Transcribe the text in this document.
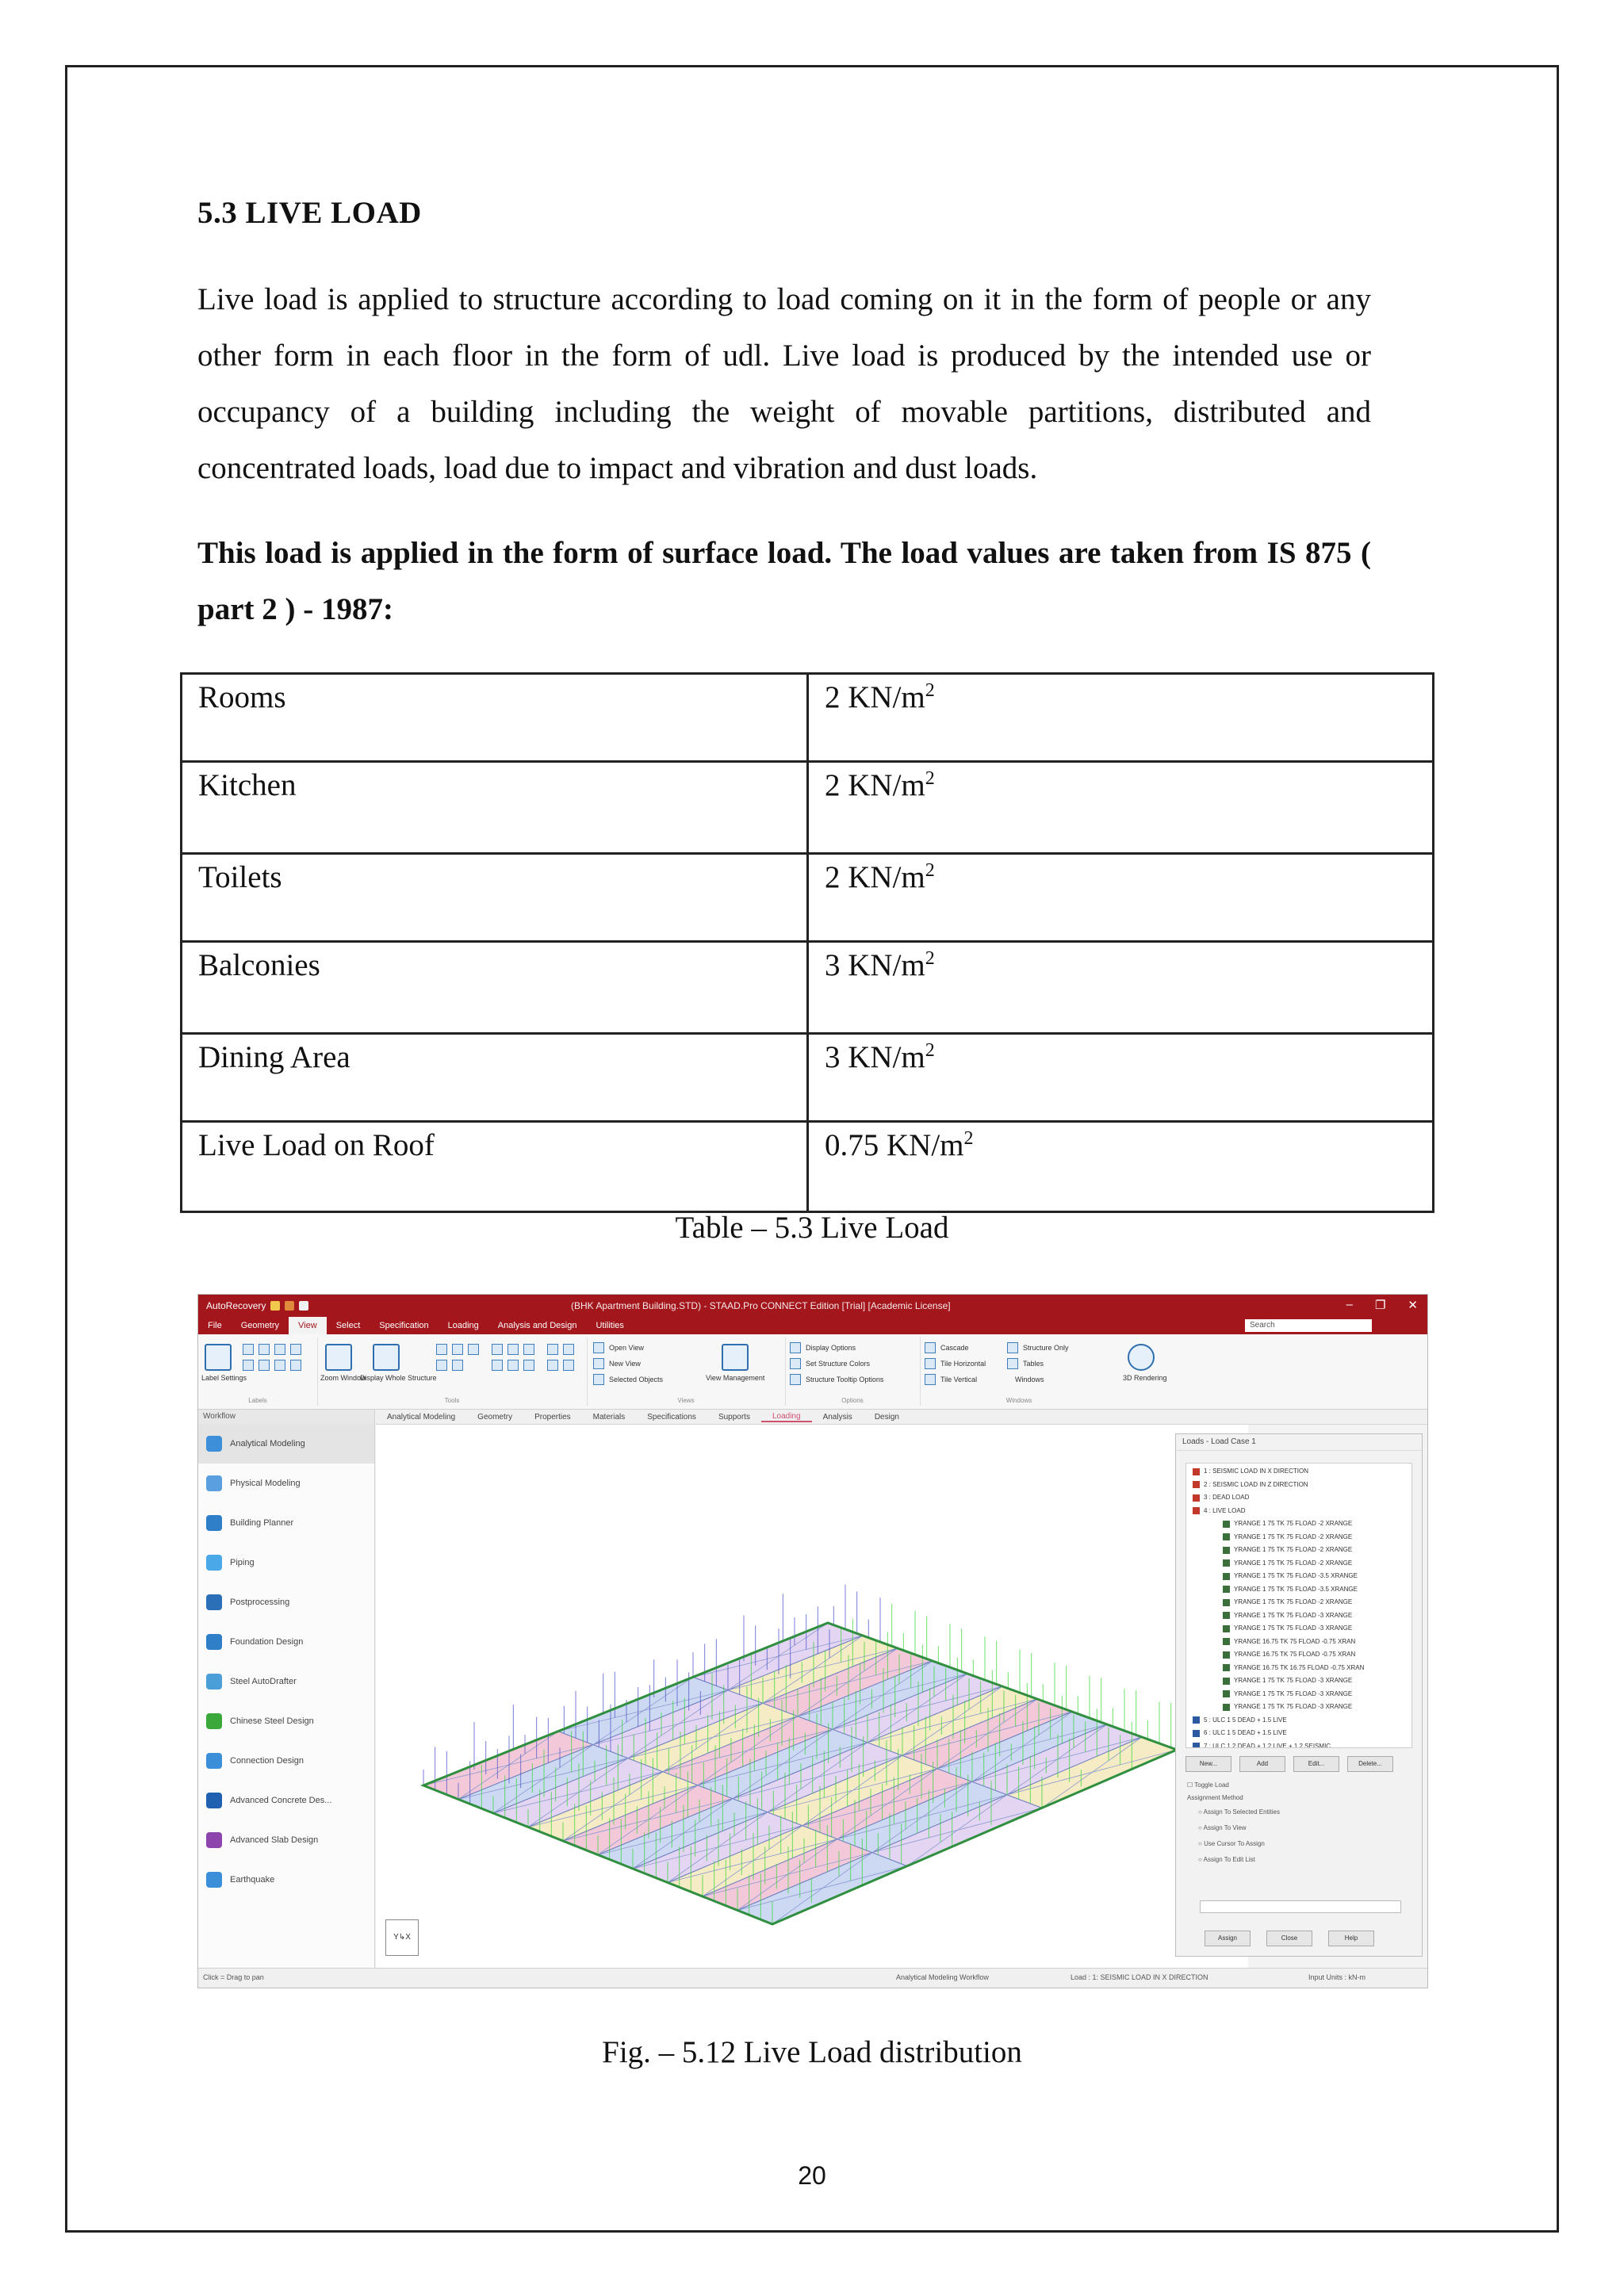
5.3 LIVE LOAD

Live load is applied to structure according to load coming on it in the form of people or any other form in each floor in the form of udl. Live load is produced by the intended use or occupancy of a building including the weight of movable partitions, distributed and concentrated loads, load due to impact and vibration and dust loads.

This load is applied in the form of surface load. The load values are taken from IS 875 ( part 2 ) - 1987:

Rooms	2 $KN/m^2$
Kitchen	2 $KN/m^2$
Toilets	2 $KN/m^2$
Balconies	3 $KN/m^2$
Dining Area	3 $KN/m^2$
Live Load on Roof	0.75 $KN/m^2$
Table – 5.3 Live Load
AutoRecovery	(BHK Apartment Building.STD) - STAAD.Pro CONNECT Edition [Trial] [Academic License]	– ❐ ✕
File	Geometry	View	Select	Specification	Loading	Analysis and Design	Utilities	Search
Label Settings
Labels
Zoom Window
Display Whole Structure
Tools
Open View
New View
Selected Objects	View Management
Views
Display Options
Set Structure Colors
Structure Tooltip Options
Options
Cascade
Tile Horizontal
Tile Vertical
Structure Only
Tables
Windows
Windows
3D Rendering
Workflow
Analytical Modeling
Physical Modeling
Building Planner
Piping
Postprocessing
Foundation Design
Steel AutoDrafter
Chinese Steel Design
Connection Design
Advanced Concrete Des...
Advanced Slab Design
Earthquake
Analytical Modeling	Geometry	Properties	Materials	Specifications	Supports	Loading	Analysis	Design
Y↳X
Loads - Load Case 1
1 : SEISMIC LOAD IN X DIRECTION
2 : SEISMIC LOAD IN Z DIRECTION
3 : DEAD LOAD
4 : LIVE LOAD
YRANGE 1 75 TK 75 FLOAD -2 XRANGE
YRANGE 1 75 TK 75 FLOAD -2 XRANGE
YRANGE 1 75 TK 75 FLOAD -2 XRANGE
YRANGE 1 75 TK 75 FLOAD -2 XRANGE
YRANGE 1 75 TK 75 FLOAD -3.5 XRANGE
YRANGE 1 75 TK 75 FLOAD -3.5 XRANGE
YRANGE 1 75 TK 75 FLOAD -2 XRANGE
YRANGE 1 75 TK 75 FLOAD -3 XRANGE
YRANGE 1 75 TK 75 FLOAD -3 XRANGE
YRANGE 16.75 TK 75 FLOAD -0.75 XRAN
YRANGE 16.75 TK 75 FLOAD -0.75 XRAN
YRANGE 16.75 TK 16.75 FLOAD -0.75 XRAN
YRANGE 1 75 TK 75 FLOAD -3 XRANGE
YRANGE 1 75 TK 75 FLOAD -3 XRANGE
YRANGE 1 75 TK 75 FLOAD -3 XRANGE
5 : ULC 1 5 DEAD + 1.5 LIVE
6 : ULC 1 5 DEAD + 1.5 LIVE
7 : ULC 1 2 DEAD + 1.2 LIVE + 1.2 SEISMIC
New...	Add	Edit...	Delete...
☐ Toggle Load
Assignment Method
○ Assign To Selected Entities
○ Assign To View
○ Use Cursor To Assign
○ Assign To Edit List
Assign	Close	Help
Click = Drag to pan	Analytical Modeling Workflow	Load : 1: SEISMIC LOAD IN X DIRECTION	Input Units : kN-m
Fig. – 5.12 Live Load distribution
20
